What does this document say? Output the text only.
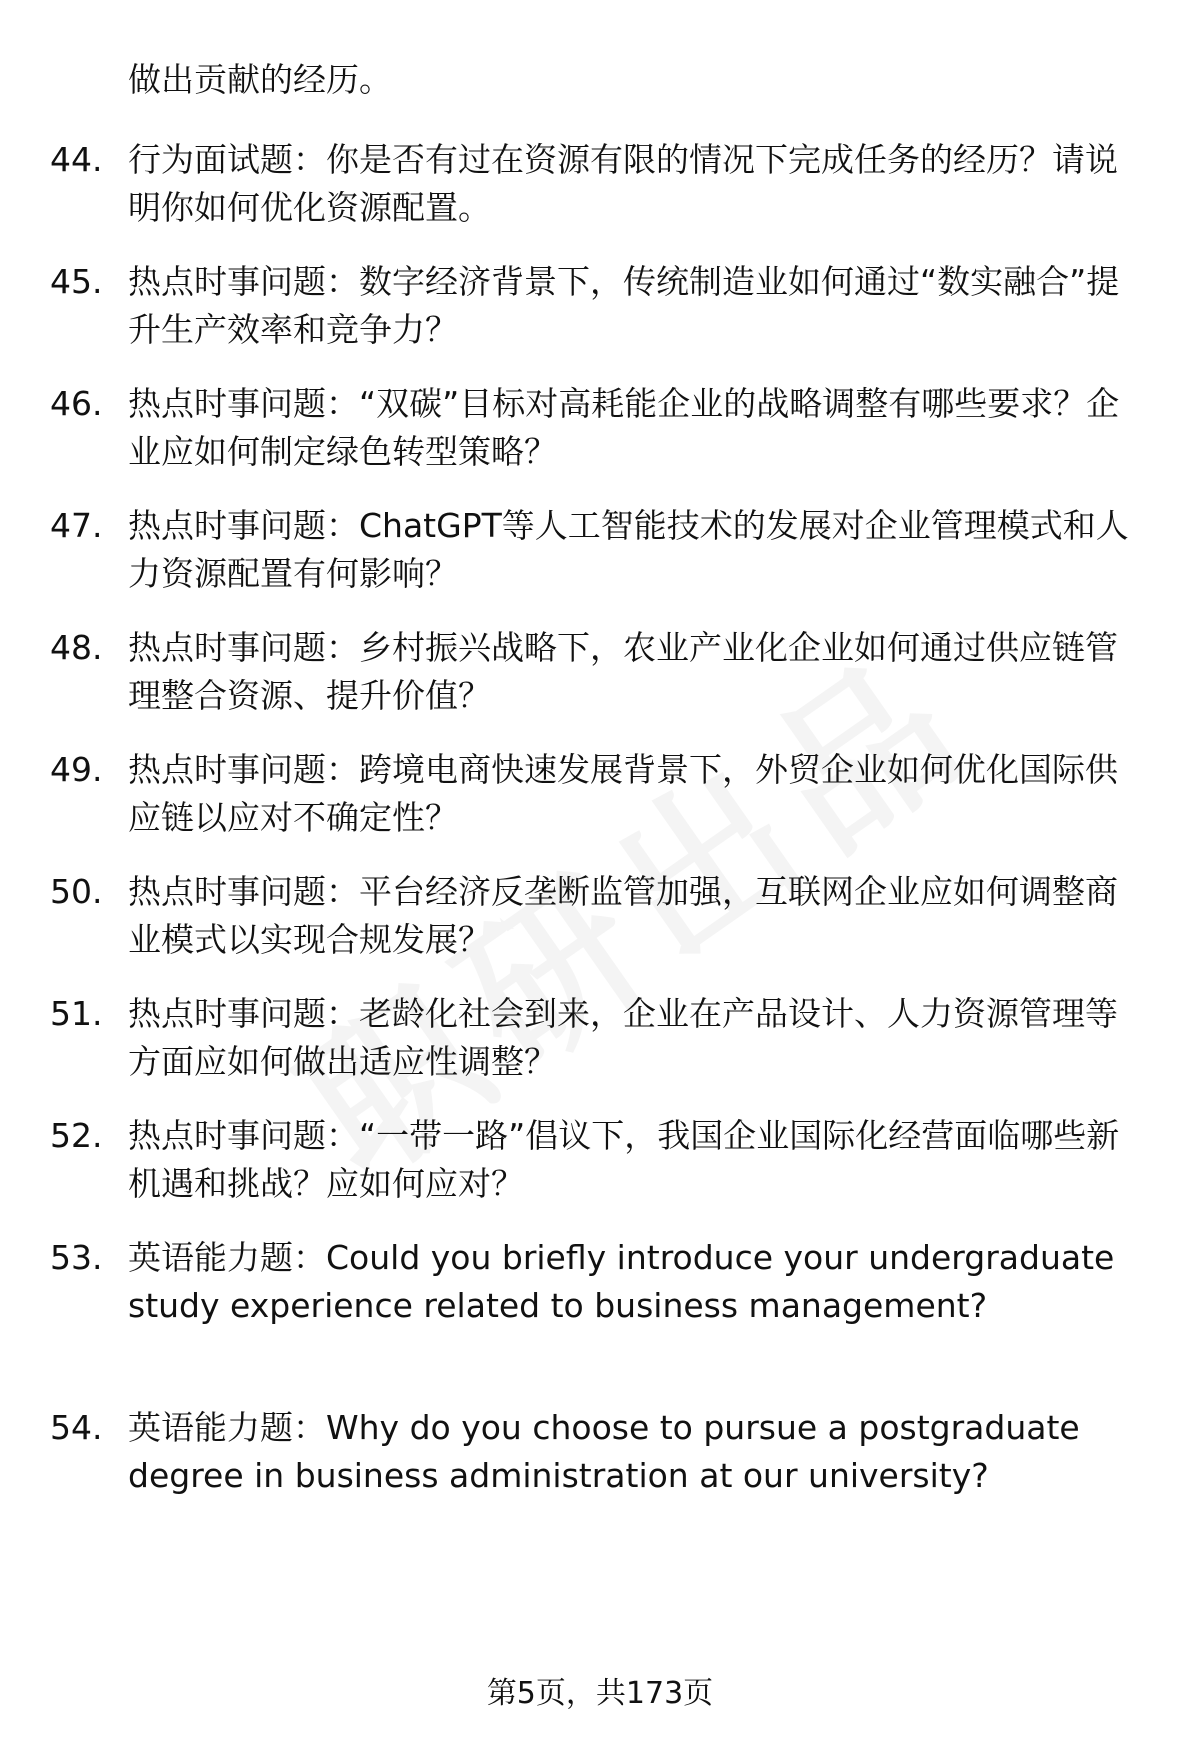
做出贡献的经历。
44. 行为面试题：你是否有过在资源有限的情况下完成任务的经历？请说明你如何优化资源配置。
45. 热点时事问题：数字经济背景下，传统制造业如何通过“数实融合”提升生产效率和竞争力？
46. 热点时事问题：“双碳”目标对高耗能企业的战略调整有哪些要求？企业应如何制定绿色转型策略？
47. 热点时事问题：ChatGPT等人工智能技术的发展对企业管理模式和人力资源配置有何影响？
48. 热点时事问题：乡村振兴战略下，农业产业化企业如何通过供应链管理整合资源、提升价值？
49. 热点时事问题：跨境电商快速发展背景下，外贸企业如何优化国际供应链以应对不确定性？
50. 热点时事问题：平台经济反垄断监管加强，互联网企业应如何调整商业模式以实现合规发展？
51. 热点时事问题：老龄化社会到来，企业在产品设计、人力资源管理等方面应如何做出适应性调整？
52. 热点时事问题：“一带一路”倡议下，我国企业国际化经营面临哪些新机遇和挑战？应如何应对？
53. 英语能力题：Could you briefly introduce your undergraduate study experience related to business management?
54. 英语能力题：Why do you choose to pursue a postgraduate degree in business administration at our university?
第5页，共173页
